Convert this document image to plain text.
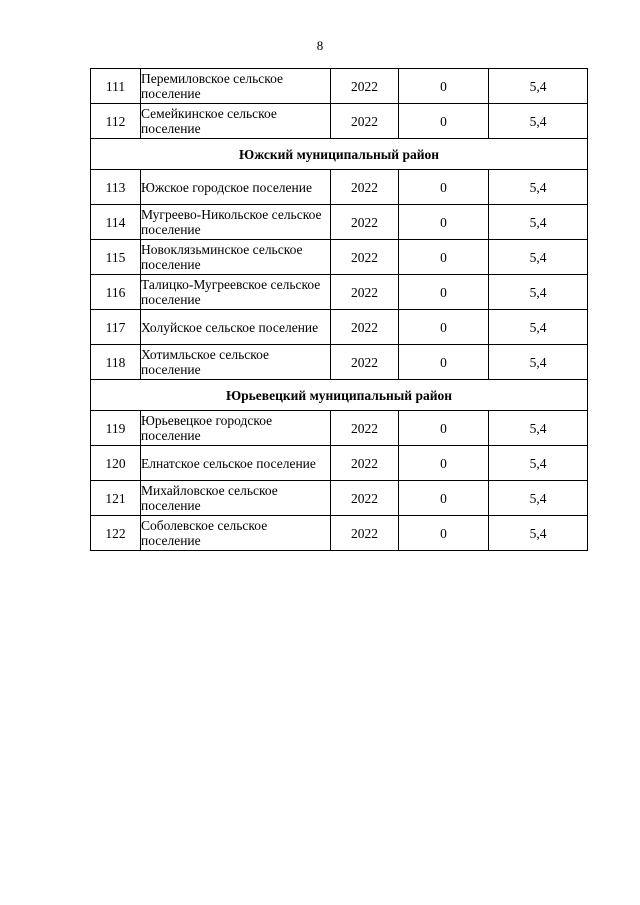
8
111	Перемиловское сельское поселение	2022	0	5,4
112	Семейкинское сельское поселение	2022	0	5,4
Южский муниципальный район				
113	Южское городское поселение	2022	0	5,4
114	Мугреево-Никольское сельское поселение	2022	0	5,4
115	Новоклязьминское сельское поселение	2022	0	5,4
116	Талицко-Мугреевское сельское поселение	2022	0	5,4
117	Холуйское сельское поселение	2022	0	5,4
118	Хотимльское сельское поселение	2022	0	5,4
Юрьевецкий муниципальный район				
119	Юрьевецкое городское поселение	2022	0	5,4
120	Елнатское сельское поселение	2022	0	5,4
121	Михайловское сельское поселение	2022	0	5,4
122	Соболевское сельское поселение	2022	0	5,4
